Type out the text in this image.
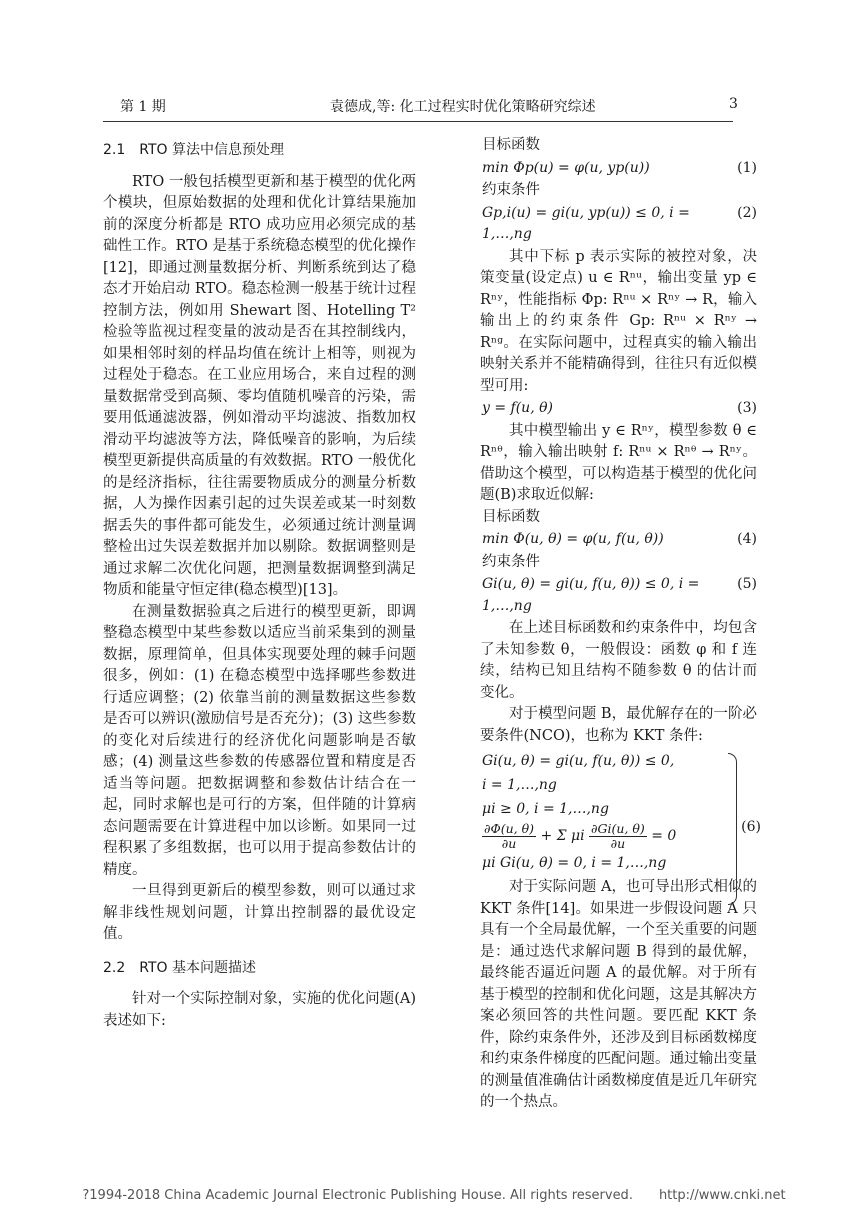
第 1 期	袁德成,等: 化工过程实时优化策略研究综述	3
2.1　RTO 算法中信息预处理

RTO 一般包括模型更新和基于模型的优化两个模块，但原始数据的处理和优化计算结果施加前的深度分析都是 RTO 成功应用必须完成的基础性工作。RTO 是基于系统稳态模型的优化操作[12]，即通过测量数据分析、判断系统到达了稳态才开始启动 RTO。稳态检测一般基于统计过程控制方法，例如用 Shewart 图、Hotelling T² 检验等监视过程变量的波动是否在其控制线内，如果相邻时刻的样品均值在统计上相等，则视为过程处于稳态。在工业应用场合，来自过程的测量数据常受到高频、零均值随机噪音的污染，需要用低通滤波器，例如滑动平均滤波、指数加权滑动平均滤波等方法，降低噪音的影响，为后续模型更新提供高质量的有效数据。RTO 一般优化的是经济指标，往往需要物质成分的测量分析数据，人为操作因素引起的过失误差或某一时刻数据丢失的事件都可能发生，必须通过统计测量调整检出过失误差数据并加以剔除。数据调整则是通过求解二次优化问题，把测量数据调整到满足物质和能量守恒定律(稳态模型)[13]。

在测量数据验真之后进行的模型更新，即调整稳态模型中某些参数以适应当前采集到的测量数据，原理简单，但具体实现要处理的棘手问题很多，例如：(1) 在稳态模型中选择哪些参数进行适应调整；(2) 依靠当前的测量数据这些参数是否可以辨识(激励信号是否充分)；(3) 这些参数的变化对后续进行的经济优化问题影响是否敏感；(4) 测量这些参数的传感器位置和精度是否适当等问题。把数据调整和参数估计结合在一起，同时求解也是可行的方案，但伴随的计算病态问题需要在计算进程中加以诊断。如果同一过程积累了多组数据，也可以用于提高参数估计的精度。

一旦得到更新后的模型参数，则可以通过求解非线性规划问题，计算出控制器的最优设定值。

2.2　RTO 基本问题描述

针对一个实际控制对象，实施的优化问题(A)表述如下:

目标函数
min Φp(u) = φ(u, yp(u))	(1)
约束条件
Gp,i(u) = gi(u, yp(u)) ≤ 0, i = 1,…,ng
(2)

其中下标 p 表示实际的被控对象，决策变量(设定点) u ∈ Rⁿᵘ，输出变量 yp ∈ Rⁿʸ，性能指标 Φp: Rⁿᵘ × Rⁿʸ → R，输入输出上的约束条件 Gp: Rⁿᵘ × Rⁿʸ → Rⁿᵍ。在实际问题中，过程真实的输入输出映射关系并不能精确得到，往往只有近似模型可用:

y = f(u, θ)	(3)

其中模型输出 y ∈ Rⁿʸ，模型参数 θ ∈ Rⁿᶿ，输入输出映射 f: Rⁿᵘ × Rⁿᶿ → Rⁿʸ。借助这个模型，可以构造基于模型的优化问题(B)求取近似解:

目标函数
min Φ(u, θ) = φ(u, f(u, θ))	(4)
约束条件
Gi(u, θ) = gi(u, f(u, θ)) ≤ 0, i = 1,…,ng
(5)

在上述目标函数和约束条件中，均包含了未知参数 θ，一般假设：函数 φ 和 f 连续，结构已知且结构不随参数 θ 的估计而变化。

对于模型问题 B，最优解存在的一阶必要条件(NCO)，也称为 KKT 条件:

Gi(u, θ) = gi(u, f(u, θ)) ≤ 0,
i = 1,…,ng
μi ≥ 0, i = 1,…,ng
$\frac{\partial\Phi(u, \theta)}{\partial u} + \Sigma$ μi $\frac{\partial Gi(u, \theta)}{\partial u} = 0$
μi Gi(u, θ) = 0, i = 1,…,ng
(6)

对于实际问题 A，也可导出形式相似的 KKT 条件[14]。如果进一步假设问题 A 只具有一个全局最优解，一个至关重要的问题是：通过迭代求解问题 B 得到的最优解，最终能否逼近问题 A 的最优解。对于所有基于模型的控制和优化问题，这是其解决方案必须回答的共性问题。要匹配 KKT 条件，除约束条件外，还涉及到目标函数梯度和约束条件梯度的匹配问题。通过输出变量的测量值准确估计函数梯度值是近几年研究的一个热点。

?1994-2018 China Academic Journal Electronic Publishing House. All rights reserved.　　http://www.cnki.net
